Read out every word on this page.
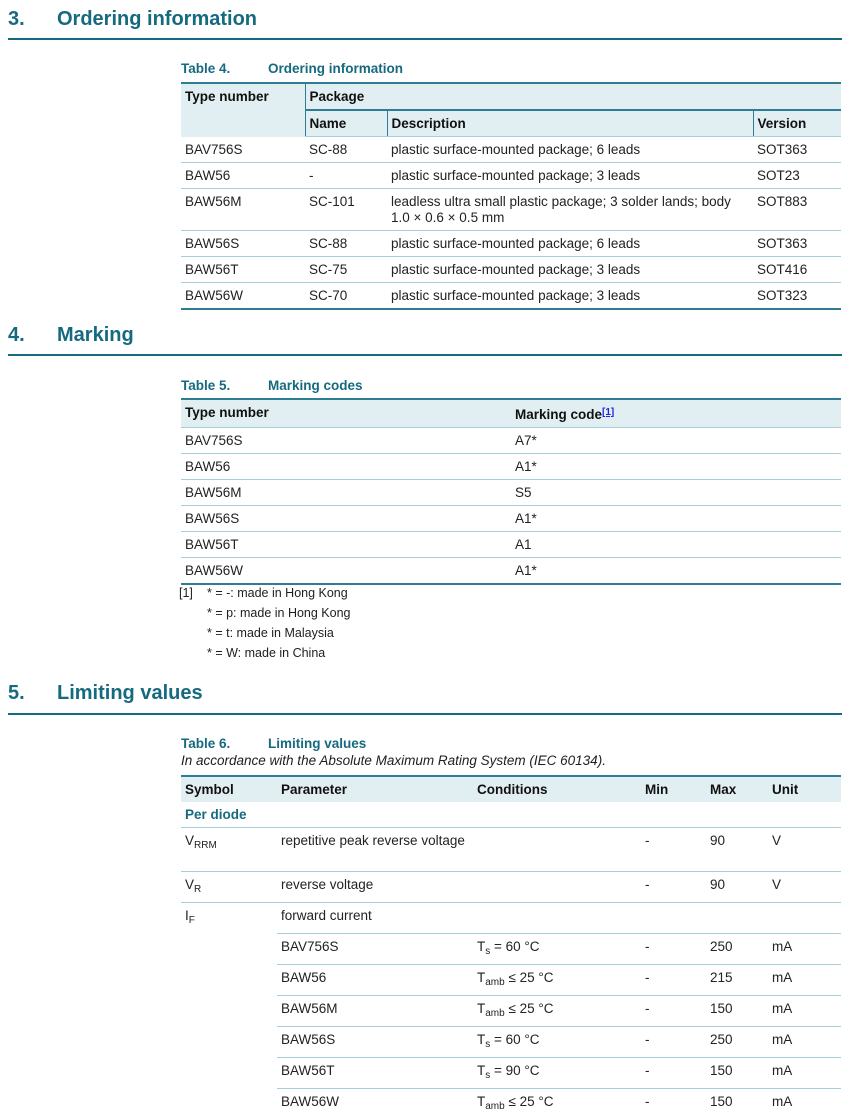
3. Ordering information
Table 4.	Ordering information
Type number	Package		
	Name	Description	Version
BAV756S	SC-88	plastic surface-mounted package; 6 leads	SOT363
BAW56	-	plastic surface-mounted package; 3 leads	SOT23
BAW56M	SC-101	leadless ultra small plastic package; 3 solder lands; body 1.0 × 0.6 × 0.5 mm	SOT883
BAW56S	SC-88	plastic surface-mounted package; 6 leads	SOT363
BAW56T	SC-75	plastic surface-mounted package; 3 leads	SOT416
BAW56W	SC-70	plastic surface-mounted package; 3 leads	SOT323
4. Marking
Table 5.	Marking codes
Type number	Marking code[1]
BAV756S	A7*
BAW56	A1*
BAW56M	S5
BAW56S	A1*
BAW56T	A1
BAW56W	A1*
[1] * = -: made in Hong Kong
* = p: made in Hong Kong
* = t: made in Malaysia
* = W: made in China
5. Limiting values
Table 6.	Limiting values
In accordance with the Absolute Maximum Rating System (IEC 60134).
Symbol	Parameter	Conditions	Min	Max	Unit
Per diode					
$V_{RRM}$	repetitive peak reverse voltage		-	90	V
$V_R$	reverse voltage		-	90	V
$I_F$	forward current				
	BAV756S	$T_s = 60$ °C	-	250	mA
	BAW56	$T_{amb} \le 25$ °C	-	215	mA
	BAW56M	$T_{amb} \le 25$ °C	-	150	mA
	BAW56S	$T_s = 60$ °C	-	250	mA
	BAW56T	$T_s = 90$ °C	-	150	mA
	BAW56W	$T_{amb} \le 25$ °C	-	150	mA
